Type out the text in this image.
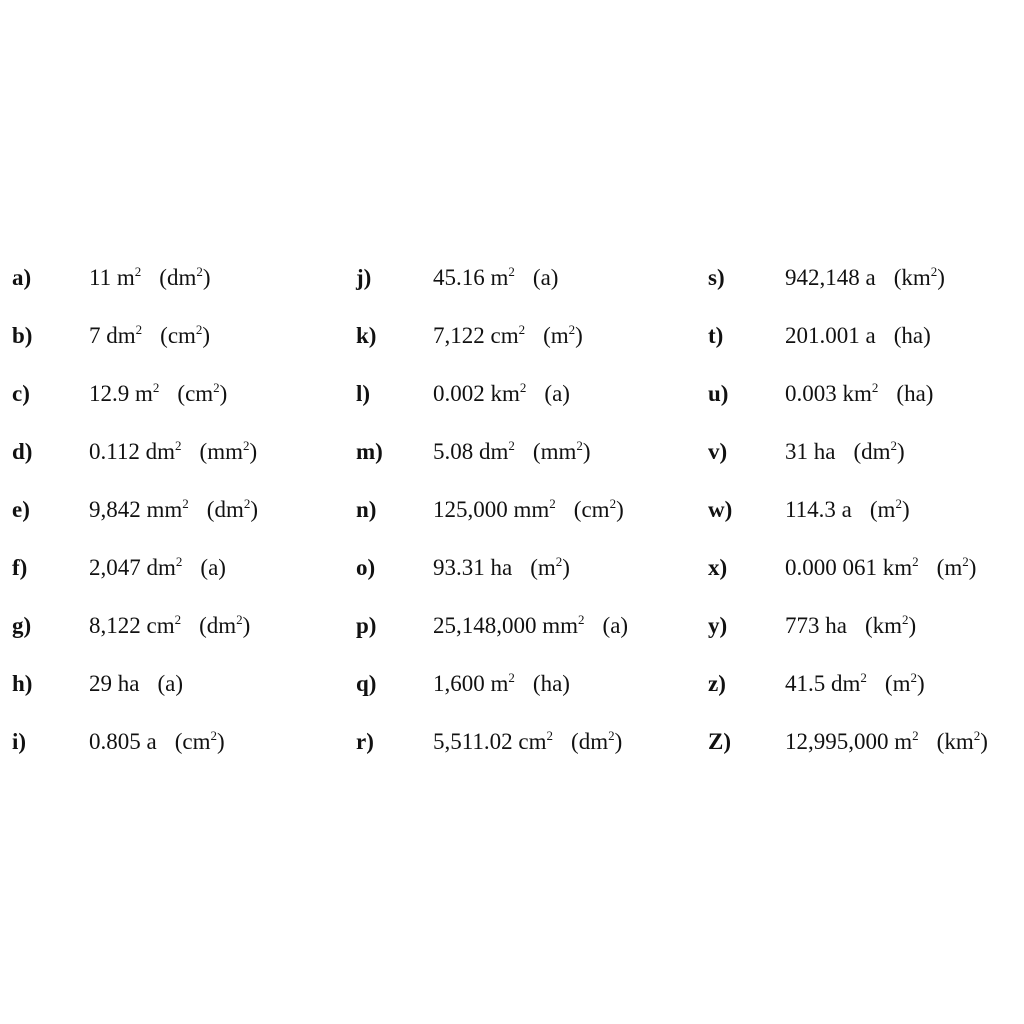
a)	11 $m^2$ $(dm^2)$
b) 7 $dm^2$ $(cm^2)$
c)	12.9 $m^2$ $(cm^2)$
d) 0.112 $dm^2$ $(mm^2)$
e)	9,842 $mm^2$ $(dm^2)$
f)	2,047 $dm^2$ (a)
g)	8,122 $cm^2$ $(dm^2)$
h) 29 ha (a)
i)	0.805 a $(cm^2)$
j)	45.16 $m^2$ (a)
k) 7,122 $cm^2$ $(m^2)$
l)	0.002 $km^2$ (a)
m) 5.08 $dm^2$ $(mm^2)$
n) 125,000 $mm^2$ $(cm^2)$
o)	93.31 ha $(m^2)$
p) 25,148,000 $mm^2$ (a)
q) 1,600 $m^2$ (ha)
r)	5,511.02 $cm^2$ $(dm^2)$
s)	942,148 a $(km^2)$
t)	201.001 a (ha)
u) 0.003 $km^2$ (ha)
v)	31 ha $(dm^2)$
w) 114.3 a $(m^2)$
x)	0.000 061 $km^2$ $(m^2)$
y)	773 ha $(km^2)$
z)	41.5 $dm^2$ $(m^2)$
Z) 12,995,000 $m^2$ $(km^2)$
